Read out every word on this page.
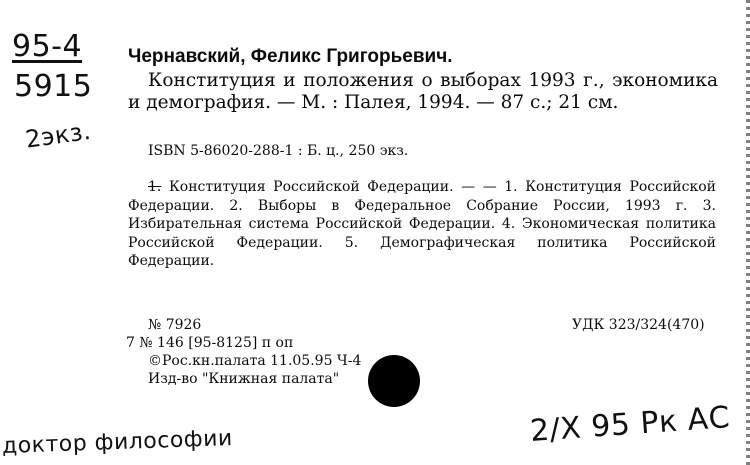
95-4
5915
2экз.
Чернавский, Феликс Григорьевич.
Конституция и положения о выборах 1993 г., экономика и демография. — М. : Палея, 1994. — 87 с.; 21 см.
ISBN 5-86020-288-1 : Б. ц., 250 экз.
1. Конституция Российской Федерации. — — 1. Конституция Российской Федерации. 2. Выборы в Федеральное Собрание России, 1993 г. 3. Избирательная система Российской Федерации. 4. Экономическая политика Российской Федерации. 5. Демографическая политика Российской Федерации.
№ 7926
7 № 146 [95-8125] п оп
©Рос.кн.палата 11.05.95 Ч-4
Изд-во "Книжная палата"
УДК 323/324(470)
доктор философии	2/X 95 Рк АС
